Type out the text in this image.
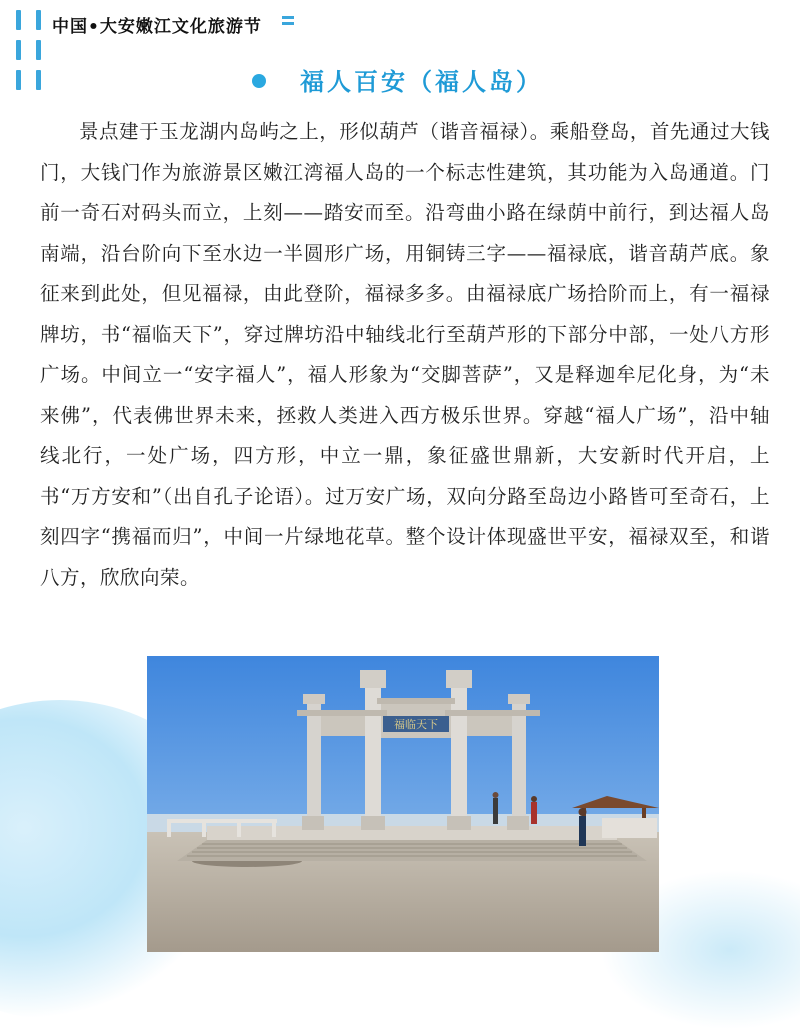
中国•大安嫩江文化旅游节
福人百安（福人岛）
景点建于玉龙湖内岛屿之上，形似葫芦（谐音福禄）。乘船登岛，首先通过大钱门，大钱门作为旅游景区嫩江湾福人岛的一个标志性建筑，其功能为入岛通道。门前一奇石对码头而立，上刻——踏安而至。沿弯曲小路在绿荫中前行，到达福人岛南端，沿台阶向下至水边一半圆形广场，用铜铸三字——福禄底，谐音葫芦底。象征来到此处，但见福禄，由此登阶，福禄多多。由福禄底广场拾阶而上，有一福禄牌坊，书“福临天下”，穿过牌坊沿中轴线北行至葫芦形的下部分中部，一处八方形广场。中间立一“安字福人”，福人形象为“交脚菩萨”，又是释迦牟尼化身，为“未来佛”，代表佛世界未来，拯救人类进入西方极乐世界。穿越“福人广场”，沿中轴线北行，一处广场，四方形，中立一鼎，象征盛世鼎新，大安新时代开启，上书“万方安和”（出自孔子论语）。过万安广场，双向分路至岛边小路皆可至奇石，上刻四字“携福而归”，中间一片绿地花草。整个设计体现盛世平安，福禄双至，和谐八方，欣欣向荣。
福临天下
